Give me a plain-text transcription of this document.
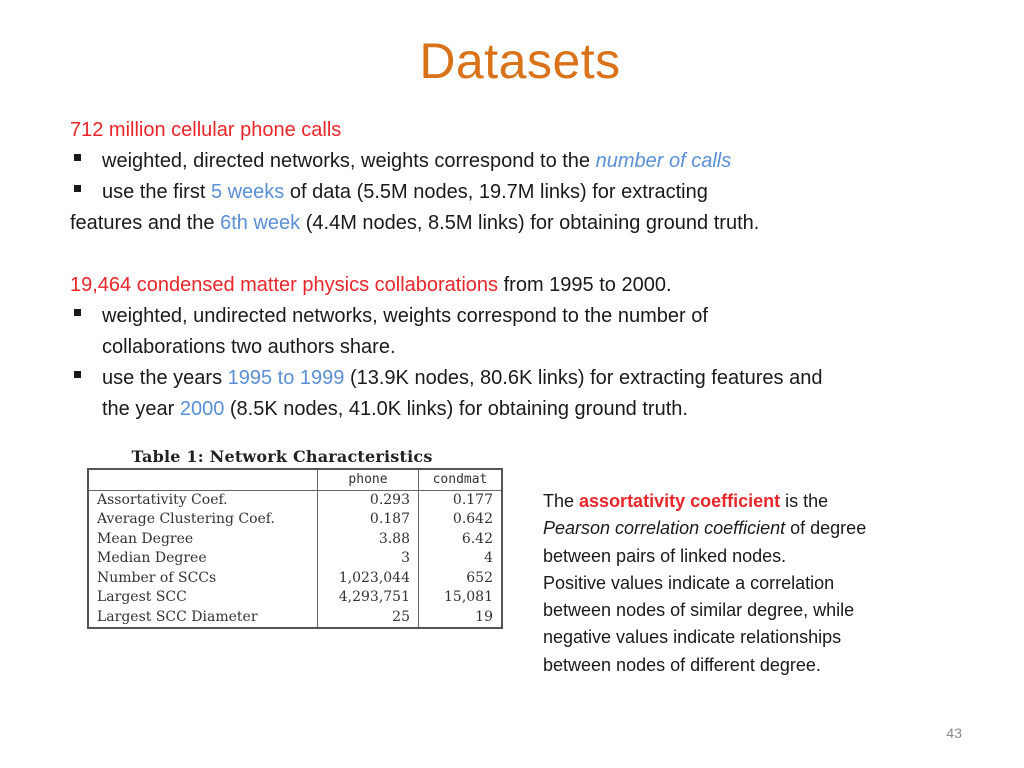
Datasets
712 million cellular phone calls
weighted, directed networks, weights correspond to the number of calls
use the first 5 weeks of data (5.5M nodes, 19.7M links) for extracting
features and the 6th week (4.4M nodes, 8.5M links) for obtaining ground truth.
19,464 condensed matter physics collaborations from 1995 to 2000.
weighted, undirected networks, weights correspond to the number of
collaborations two authors share.
use the years 1995 to 1999 (13.9K nodes, 80.6K links) for extracting features and
the year 2000 (8.5K nodes, 41.0K links) for obtaining ground truth.
Table 1: Network Characteristics
	phone	condmat
Assortativity Coef.	0.293	0.177
Average Clustering Coef.	0.187	0.642
Mean Degree	3.88	6.42
Median Degree	3	4
Number of SCCs	1,023,044	652
Largest SCC	4,293,751	15,081
Largest SCC Diameter	25	19
The assortativity coefficient is the
Pearson correlation coefficient of degree
between pairs of linked nodes.
Positive values indicate a correlation
between nodes of similar degree, while
negative values indicate relationships
between nodes of different degree.
43
